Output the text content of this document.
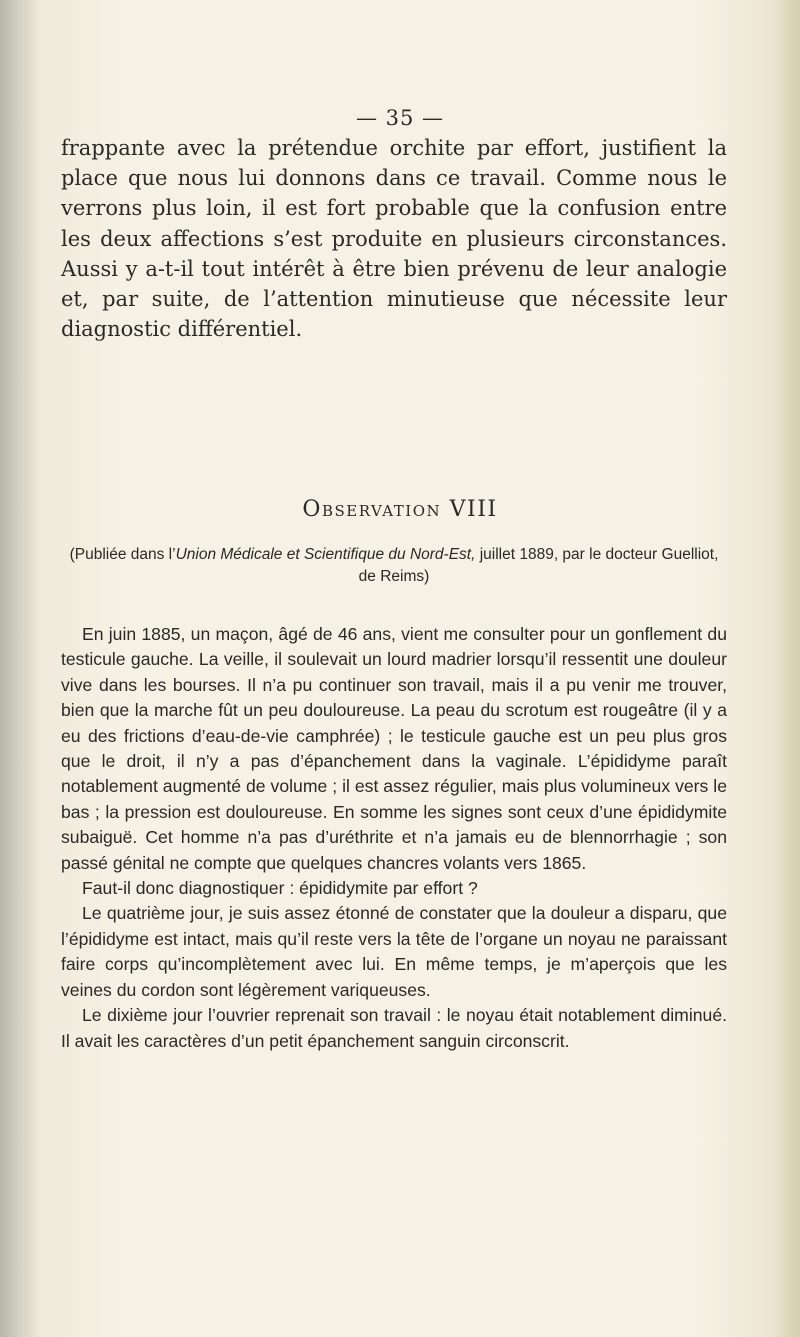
— 35 —

frappante avec la prétendue orchite par effort, justifient la place que nous lui donnons dans ce travail. Comme nous le verrons plus loin, il est fort probable que la confusion entre les deux affections s’est produite en plusieurs circonstances. Aussi y a-t-il tout intérêt à être bien prévenu de leur analogie et, par suite, de l’attention minutieuse que nécessite leur diagnostic différentiel.

Observation VIII

(Publiée dans l’Union Médicale et Scientifique du Nord-Est, juillet 1889, par le docteur Guelliot, de Reims)

En juin 1885, un maçon, âgé de 46 ans, vient me consulter pour un gonflement du testicule gauche. La veille, il soulevait un lourd madrier lorsqu’il ressentit une douleur vive dans les bourses. Il n’a pu continuer son travail, mais il a pu venir me trouver, bien que la marche fût un peu douloureuse. La peau du scrotum est rougeâtre (il y a eu des frictions d’eau-de-vie camphrée) ; le testicule gauche est un peu plus gros que le droit, il n’y a pas d’épanchement dans la vaginale. L’épididyme paraît notablement augmenté de volume ; il est assez régulier, mais plus volumineux vers le bas ; la pression est douloureuse. En somme les signes sont ceux d’une épididymite subaiguë. Cet homme n’a pas d’uréthrite et n’a jamais eu de blennorrhagie ; son passé génital ne compte que quelques chancres volants vers 1865.

Faut-il donc diagnostiquer : épididymite par effort ?

Le quatrième jour, je suis assez étonné de constater que la douleur a disparu, que l’épididyme est intact, mais qu’il reste vers la tête de l’organe un noyau ne paraissant faire corps qu’incomplètement avec lui. En même temps, je m’aperçois que les veines du cordon sont légèrement variqueuses.

Le dixième jour l’ouvrier reprenait son travail : le noyau était notablement diminué. Il avait les caractères d’un petit épanchement sanguin circonscrit.
